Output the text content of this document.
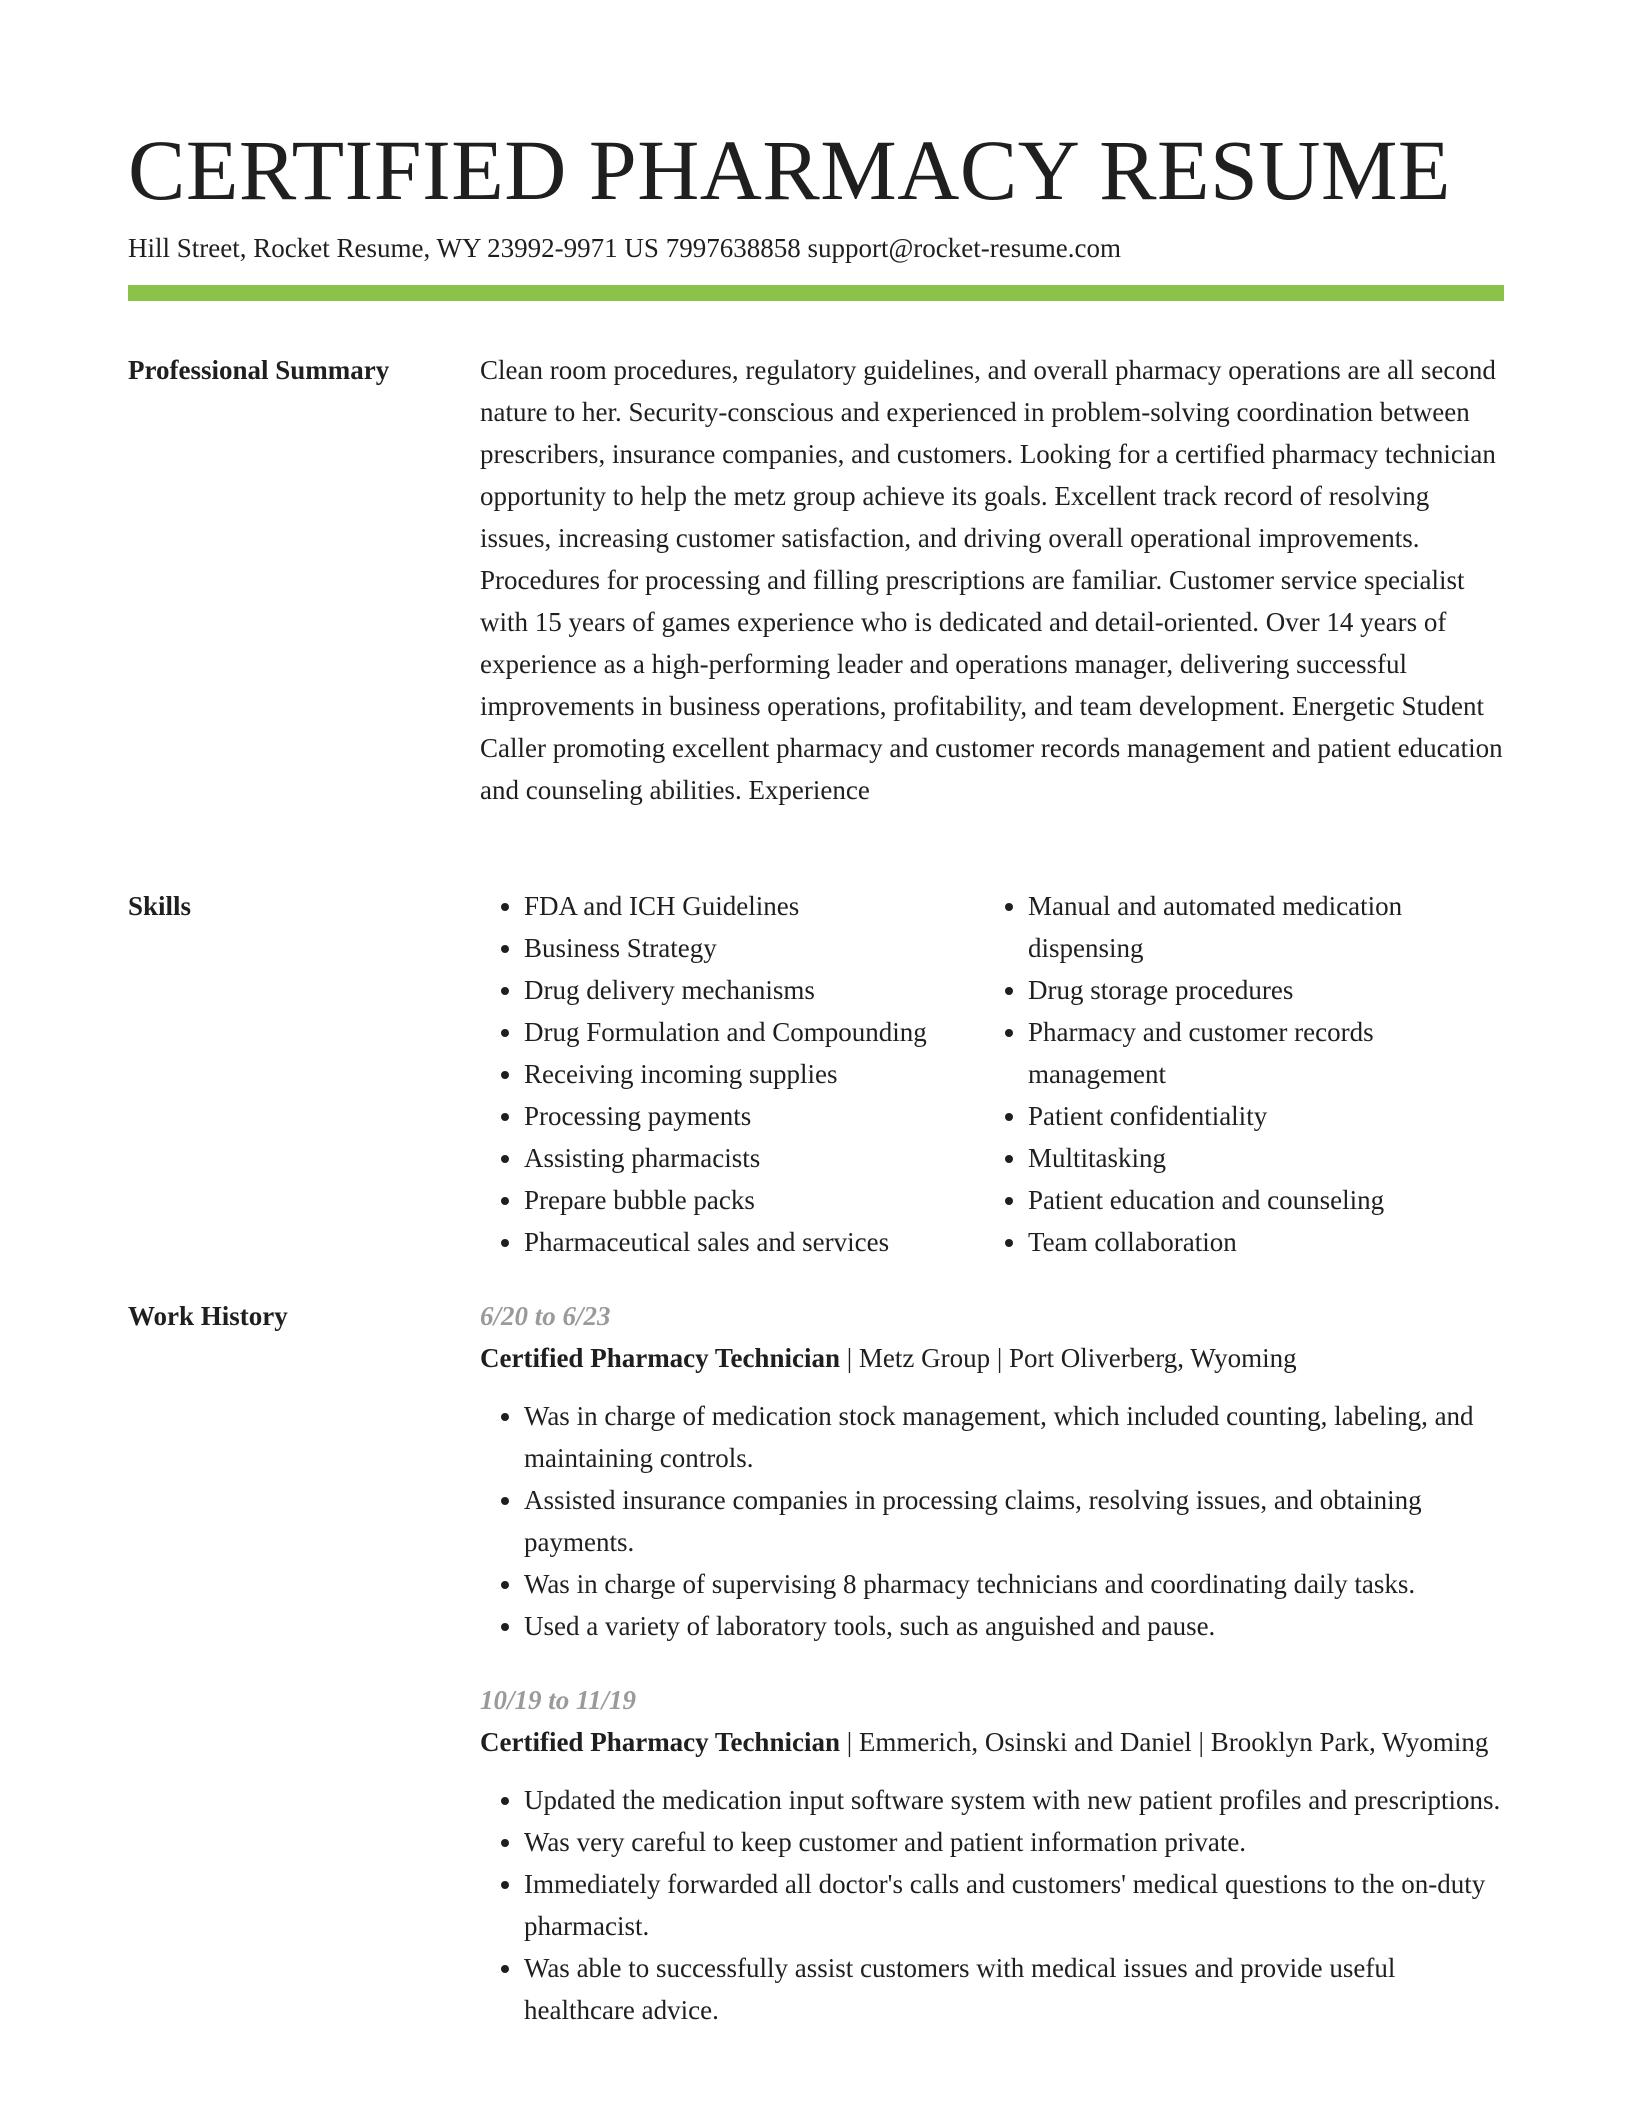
CERTIFIED PHARMACY RESUME
Hill Street, Rocket Resume, WY 23992-9971 US 7997638858 support@rocket-resume.com
Professional Summary	Clean room procedures, regulatory guidelines, and overall pharmacy operations are all second nature to her. Security-conscious and experienced in problem-solving coordination between prescribers, insurance companies, and customers. Looking for a certified pharmacy technician opportunity to help the metz group achieve its goals. Excellent track record of resolving issues, increasing customer satisfaction, and driving overall operational improvements. Procedures for processing and filling prescriptions are familiar. Customer service specialist with 15 years of games experience who is dedicated and detail-oriented. Over 14 years of experience as a high-performing leader and operations manager, delivering successful improvements in business operations, profitability, and team development. Energetic Student Caller promoting excellent pharmacy and customer records management and patient education and counseling abilities. Experience

Skills
•	FDA and ICH Guidelines
• Business Strategy
• Drug delivery mechanisms
• Drug Formulation and Compounding
• Receiving incoming supplies
• Processing payments
• Assisting pharmacists
• Prepare bubble packs
• Pharmaceutical sales and services
• Manual and automated medication dispensing
• Drug storage procedures
• Pharmacy and customer records management
• Patient confidentiality
• Multitasking
• Patient education and counseling
• Team collaboration
Work History	6/20 to 6/23

Certified Pharmacy Technician | Metz Group | Port Oliverberg, Wyoming

• Was in charge of medication stock management, which included counting, labeling, and maintaining controls.
• Assisted insurance companies in processing claims, resolving issues, and obtaining payments.
• Was in charge of supervising 8 pharmacy technicians and coordinating daily tasks.
• Used a variety of laboratory tools, such as anguished and pause.
10/19 to 11/19

Certified Pharmacy Technician | Emmerich, Osinski and Daniel | Brooklyn Park, Wyoming

• Updated the medication input software system with new patient profiles and prescriptions.
• Was very careful to keep customer and patient information private.
• Immediately forwarded all doctor's calls and customers' medical questions to the on-duty pharmacist.
• Was able to successfully assist customers with medical issues and provide useful healthcare advice.
